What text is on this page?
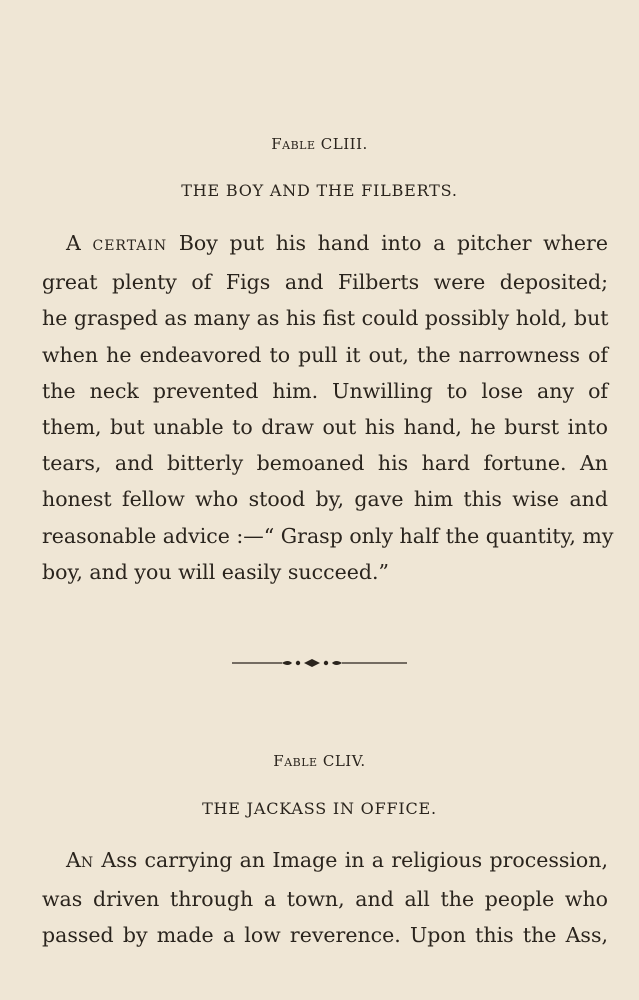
FABLE CLIII.

THE BOY AND THE FILBERTS.

A CERTAIN Boy put his hand into a pitcher where
great plenty of Figs and Filberts were deposited;
he grasped as many as his fist could possibly hold, but
when he endeavored to pull it out, the narrowness of
the neck prevented him. Unwilling to lose any of
them, but unable to draw out his hand, he burst into
tears, and bitterly bemoaned his hard fortune. An
honest fellow who stood by, gave him this wise and
reasonable advice :—“ Grasp only half the quantity, my
boy, and you will easily succeed.”

FABLE CLIV.

THE JACKASS IN OFFICE.

AN Ass carrying an Image in a religious procession,
was driven through a town, and all the people who
passed by made a low reverence. Upon this the Ass,
